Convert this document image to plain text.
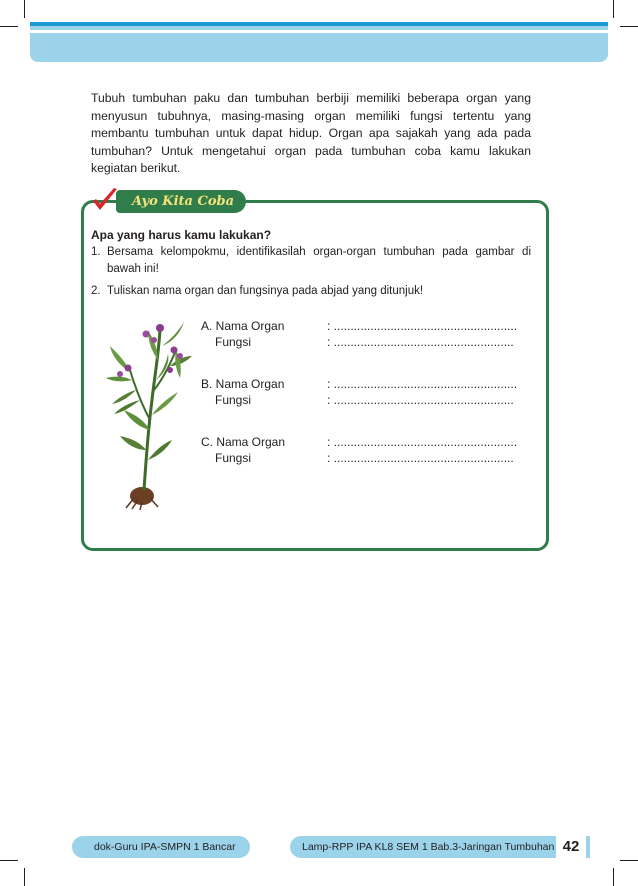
Tubuh tumbuhan paku dan tumbuhan berbiji memiliki beberapa organ yang menyusun tubuhnya, masing-masing organ memiliki fungsi tertentu yang membantu tumbuhan untuk dapat hidup. Organ apa sajakah yang ada pada tumbuhan? Untuk mengetahui organ pada tumbuhan coba kamu lakukan kegiatan berikut.

Ayo Kita Coba
Apa yang harus kamu lakukan?
1. Bersama kelompokmu, identifikasilah organ-organ tumbuhan pada gambar di bawah ini!
2. Tuliskan nama organ dan fungsinya pada abjad yang ditunjuk!
A. Nama Organ	: .......................................................
Fungsi	: ......................................................
B. Nama Organ	: .......................................................
Fungsi	: ......................................................
C. Nama Organ	: .......................................................
Fungsi	: ......................................................
dok-Guru IPA-SMPN 1 Bancar	Lamp-RPP IPA KL8 SEM 1 Bab.3-Jaringan Tumbuhan 42
